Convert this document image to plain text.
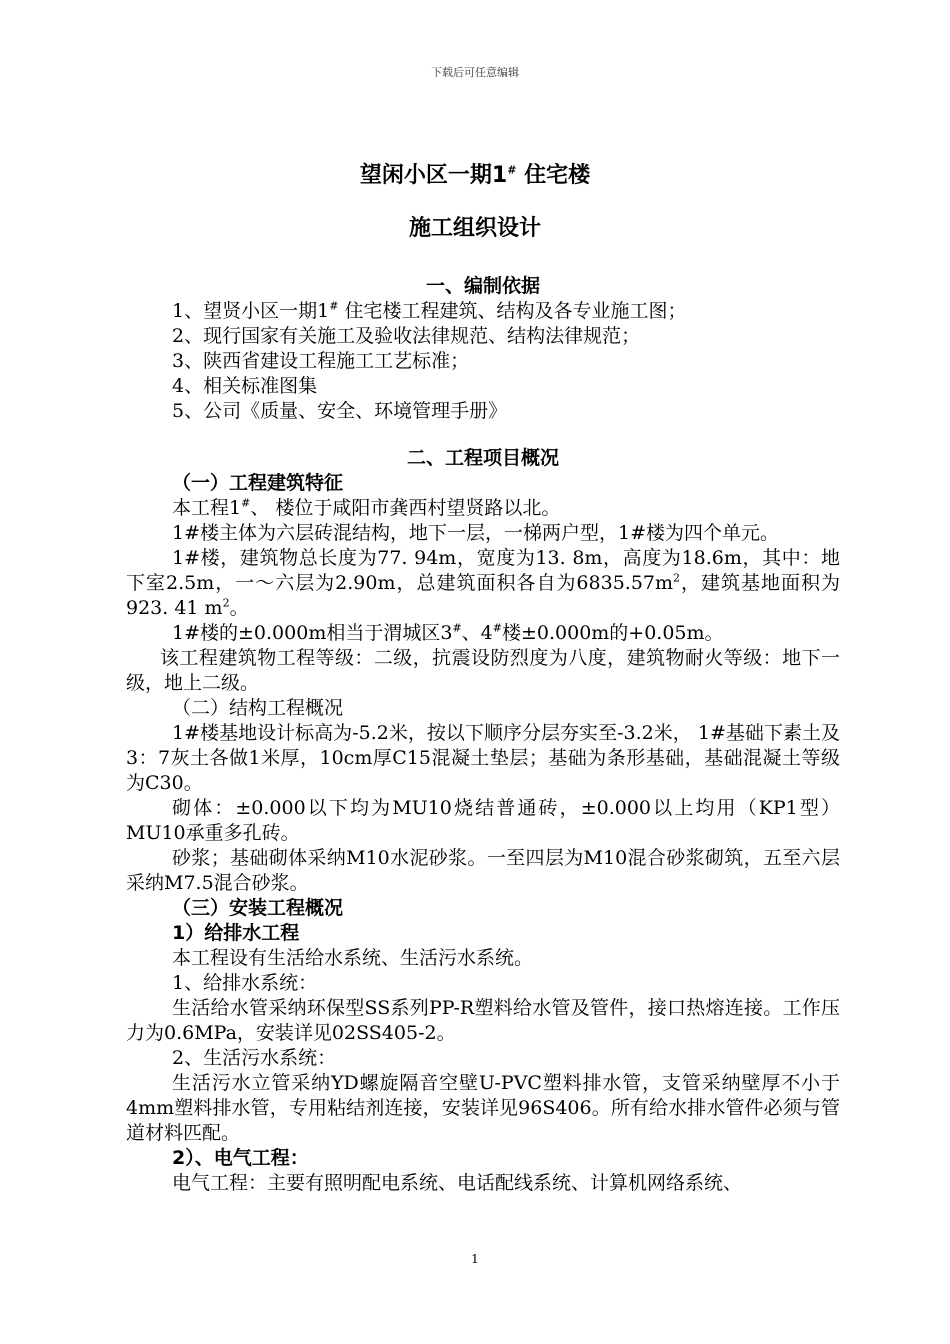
下载后可任意编辑
望闲小区一期1# 住宅楼
施工组织设计
一、编制依据
1、望贤小区一期1# 住宅楼工程建筑、结构及各专业施工图；
2、现行国家有关施工及验收法律规范、结构法律规范；
3、陕西省建设工程施工工艺标准；
4、相关标准图集
5、公司《质量、安全、环境管理手册》
二、工程项目概况
（一）工程建筑特征
本工程1#、 楼位于咸阳市龚西村望贤路以北。
1#楼主体为六层砖混结构，地下一层，一梯两户型，1#楼为四个单元。
1#楼，建筑物总长度为77. 94m，宽度为13. 8m，高度为18.6m，其中：地下室2.5m，一～六层为2.90m，总建筑面积各自为$6835.57m^2$，建筑基地面积为923. 41 $m^2$。
1#楼的±0.000m相当于渭城区3#、4#楼±0.000m的+0.05m。
该工程建筑物工程等级：二级，抗震设防烈度为八度，建筑物耐火等级：地下一级，地上二级。
（二）结构工程概况
1#楼基地设计标高为-5.2米，按以下顺序分层夯实至-3.2米， 1#基础下素土及3：7灰土各做1米厚，10cm厚C15混凝土垫层；基础为条形基础，基础混凝土等级为C30。
砌体：±0.000以下均为MU10烧结普通砖，±0.000以上均用（KP1型）MU10承重多孔砖。
砂浆；基础砌体采纳M10水泥砂浆。一至四层为M10混合砂浆砌筑，五至六层采纳M7.5混合砂浆。
（三）安装工程概况
1）给排水工程
本工程设有生活给水系统、生活污水系统。
1、给排水系统：
生活给水管采纳环保型SS系列PP-R塑料给水管及管件，接口热熔连接。工作压力为0.6MPa，安装详见02SS405-2。
2、生活污水系统：
生活污水立管采纳YD螺旋隔音空壁U-PVC塑料排水管，支管采纳壁厚不小于4mm塑料排水管，专用粘结剂连接，安装详见96S406。所有给水排水管件必须与管道材料匹配。
2）、电气工程：
电气工程：主要有照明配电系统、电话配线系统、计算机网络系统、
1
